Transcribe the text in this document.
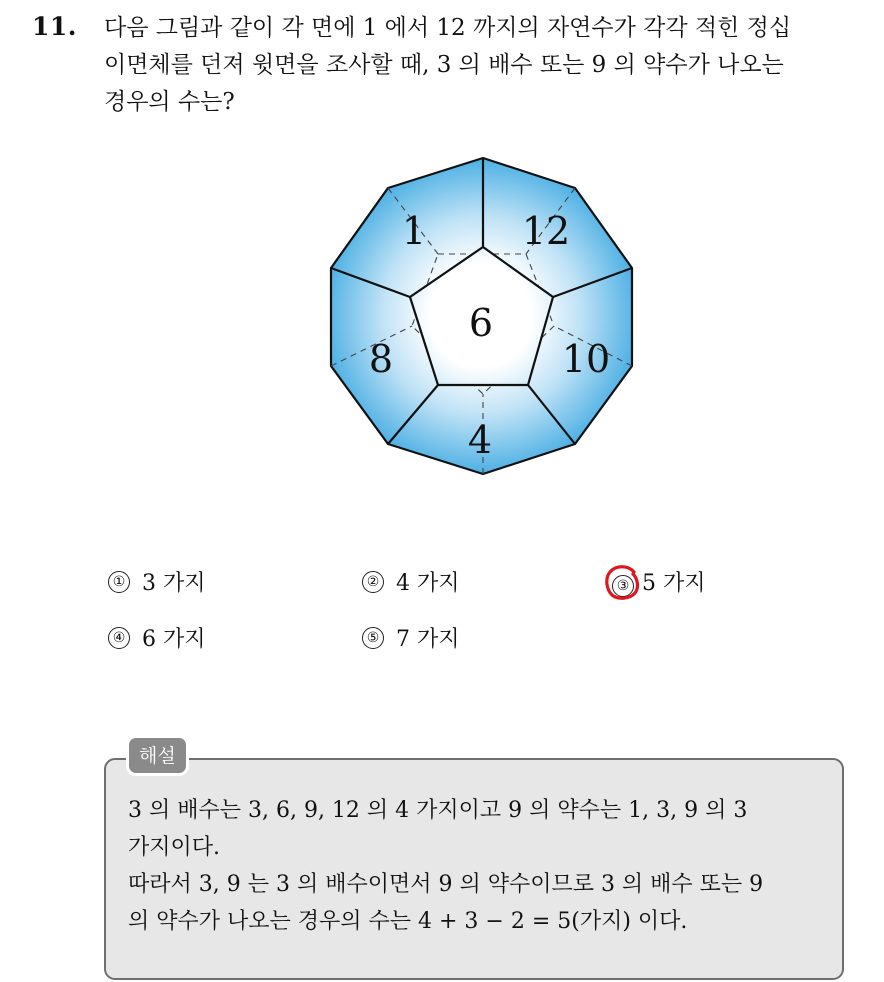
11. 다음 그림과 같이 각 면에 1 에서 12 까지의 자연수가 각각 적힌 정십
이면체를 던져 윗면을 조사할 때, 3 의 배수 또는 9 의 약수가 나오는
경우의 수는?
1	12
6
8	10
4
① 3 가지	② 4 가지	③ 5 가지
④ 6 가지	⑤ 7 가지
해설
3 의 배수는 3, 6, 9, 12 의 4 가지이고 9 의 약수는 1, 3, 9 의 3
가지이다.
따라서 3, 9 는 3 의 배수이면서 9 의 약수이므로 3 의 배수 또는 9
의 약수가 나오는 경우의 수는 4 + 3 − 2 = 5(가지) 이다.
